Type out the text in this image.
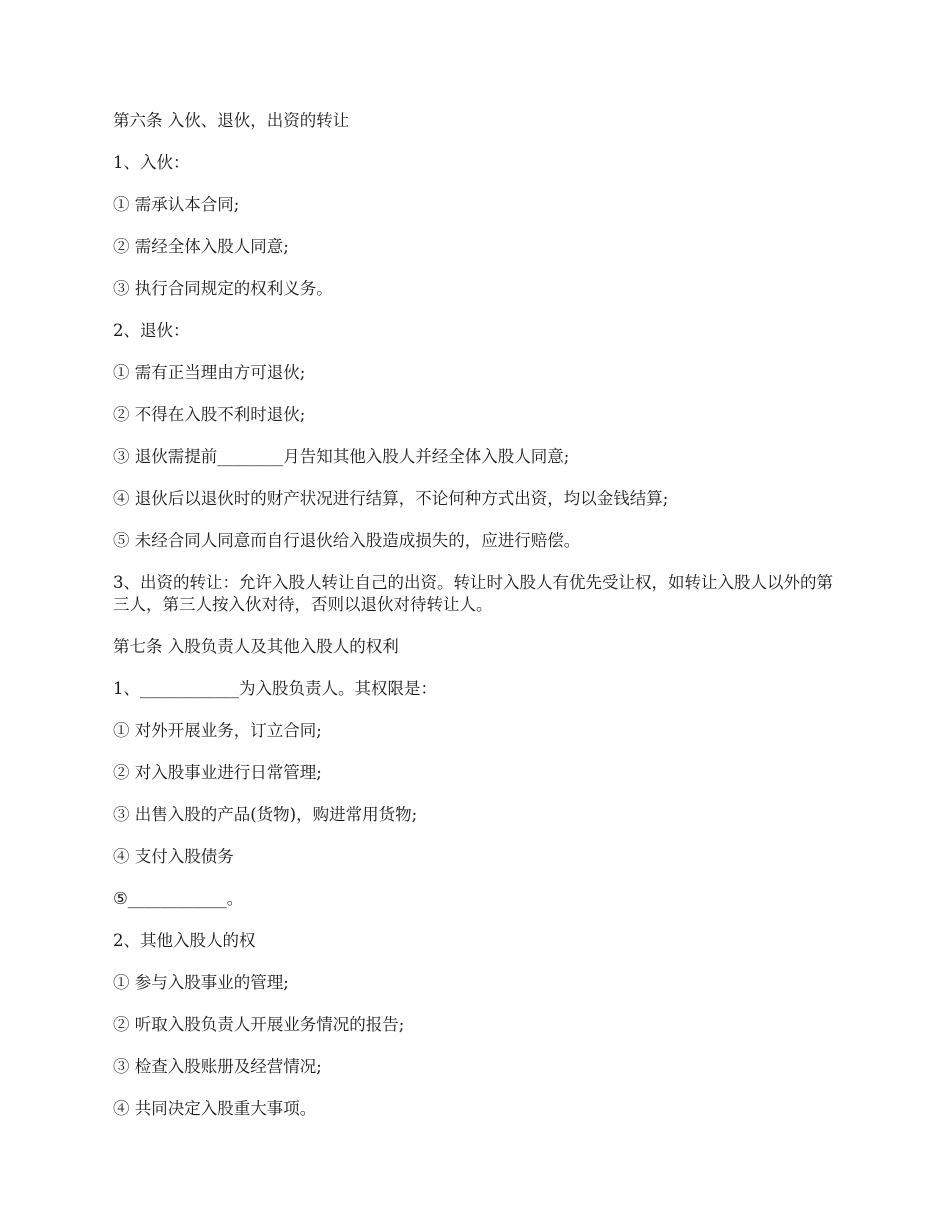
第六条 入伙、退伙，出资的转让

1、入伙：

① 需承认本合同;

② 需经全体入股人同意;

③ 执行合同规定的权利义务。

2、退伙：

① 需有正当理由方可退伙;

② 不得在入股不利时退伙;

③ 退伙需提前________月告知其他入股人并经全体入股人同意;

④ 退伙后以退伙时的财产状况进行结算，不论何种方式出资，均以金钱结算;

⑤ 未经合同人同意而自行退伙给入股造成损失的，应进行赔偿。

3、出资的转让：允许入股人转让自己的出资。转让时入股人有优先受让权，如转让入股人以外的第三人，第三人按入伙对待，否则以退伙对待转让人。

第七条 入股负责人及其他入股人的权利

1、____________为入股负责人。其权限是：

① 对外开展业务，订立合同;

② 对入股事业进行日常管理;

③ 出售入股的产品(货物)，购进常用货物;

④ 支付入股债务

⑤____________。

2、其他入股人的权

① 参与入股事业的管理;

② 听取入股负责人开展业务情况的报告;

③ 检查入股账册及经营情况;

④ 共同决定入股重大事项。
